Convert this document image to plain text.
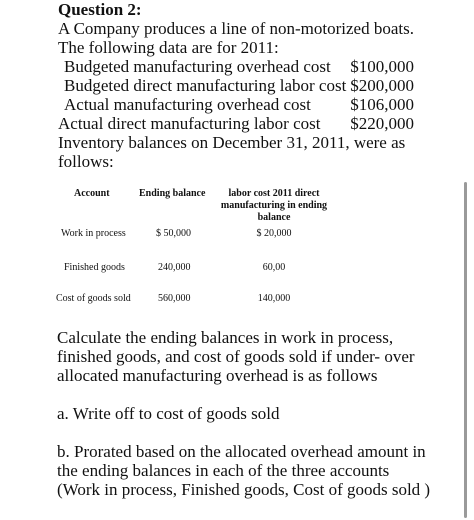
Question 2:
A Company produces a line of non-motorized boats.
The following data are for 2011:
Budgeted manufacturing overhead cost $100,000
Budgeted direct manufacturing labor cost $200,000
Actual manufacturing overhead cost $106,000
Actual direct manufacturing labor cost $220,000
Inventory balances on December 31, 2011, were as
follows:
Account	Ending balance	labor cost 2011 direct
manufacturing in ending
balance
Work in process	$ 50,000	$ 20,000
Finished goods	240,000	60,00
Cost of goods sold	560,000	140,000
Calculate the ending balances in work in process,
finished goods, and cost of goods sold if under- over
allocated manufacturing overhead is as follows
a. Write off to cost of goods sold
b. Prorated based on the allocated overhead amount in
the ending balances in each of the three accounts
(Work in process, Finished goods, Cost of goods sold )
